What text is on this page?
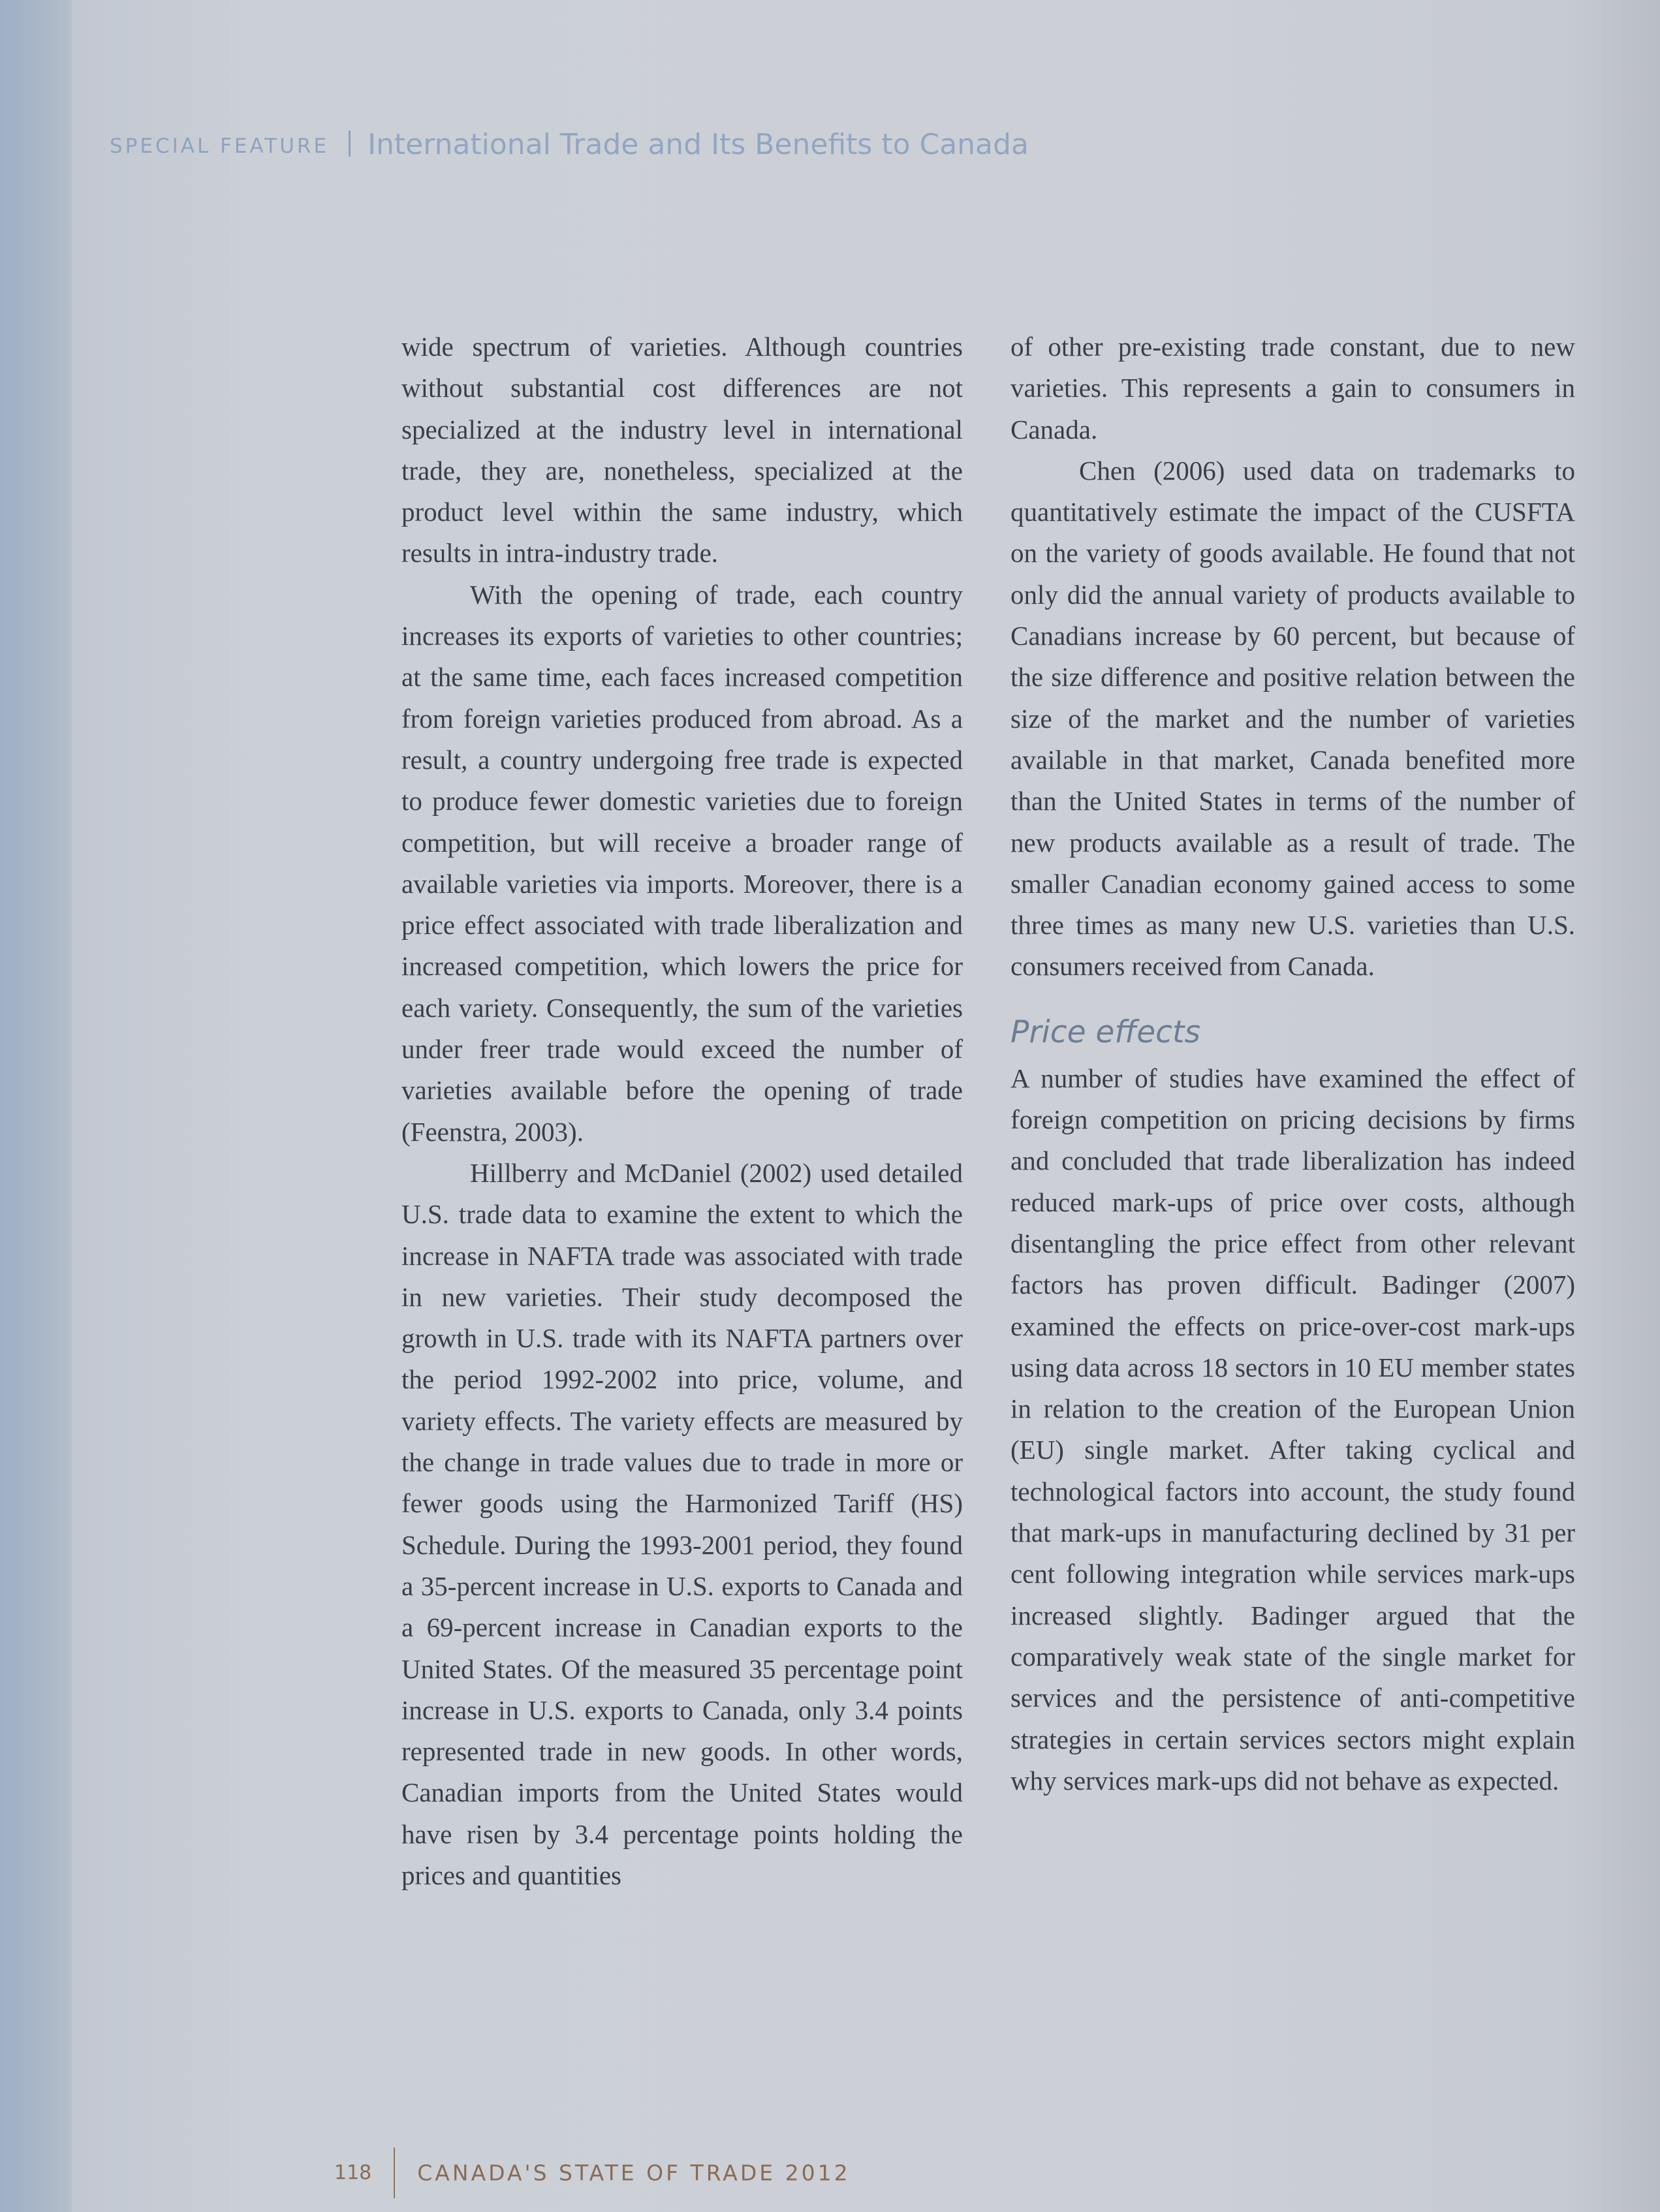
SPECIAL FEATURE International Trade and Its Benefits to Canada

wide spectrum of varieties. Although countries without substantial cost differences are not specialized at the industry level in international trade, they are, nonetheless, specialized at the product level within the same industry, which results in intra-industry trade.

With the opening of trade, each country increases its exports of varieties to other countries; at the same time, each faces increased competition from foreign varieties produced from abroad. As a result, a country undergoing free trade is expected to produce fewer domestic varieties due to foreign competition, but will receive a broader range of available varieties via imports. Moreover, there is a price effect associated with trade liberalization and increased competition, which lowers the price for each variety. Consequently, the sum of the varieties under freer trade would exceed the number of varieties available before the opening of trade (Feenstra, 2003).

Hillberry and McDaniel (2002) used detailed U.S. trade data to examine the extent to which the increase in NAFTA trade was associated with trade in new varieties. Their study decomposed the growth in U.S. trade with its NAFTA partners over the period 1992-2002 into price, volume, and variety effects. The variety effects are measured by the change in trade values due to trade in more or fewer goods using the Harmonized Tariff (HS) Schedule. During the 1993-2001 period, they found a 35-percent increase in U.S. exports to Canada and a 69-percent increase in Canadian exports to the United States. Of the measured 35 percentage point increase in U.S. exports to Canada, only 3.4 points represented trade in new goods. In other words, Canadian imports from the United States would have risen by 3.4 percentage points holding the prices and quantities

of other pre-existing trade constant, due to new varieties. This represents a gain to consumers in Canada.

Chen (2006) used data on trademarks to quantitatively estimate the impact of the CUSFTA on the variety of goods available. He found that not only did the annual variety of products available to Canadians increase by 60 percent, but because of the size difference and positive relation between the size of the market and the number of varieties available in that market, Canada benefited more than the United States in terms of the number of new products available as a result of trade. The smaller Canadian economy gained access to some three times as many new U.S. varieties than U.S. consumers received from Canada.

Price effects

A number of studies have examined the effect of foreign competition on pricing decisions by firms and concluded that trade liberalization has indeed reduced mark-ups of price over costs, although disentangling the price effect from other relevant factors has proven difficult. Badinger (2007) examined the effects on price-over-cost mark-ups using data across 18 sectors in 10 EU member states in relation to the creation of the European Union (EU) single market. After taking cyclical and technological factors into account, the study found that mark-ups in manufacturing declined by 31 per cent following integration while services mark-ups increased slightly. Badinger argued that the comparatively weak state of the single market for services and the persistence of anti-competitive strategies in certain services sectors might explain why services mark-ups did not behave as expected.

118 CANADA'S STATE OF TRADE 2012
